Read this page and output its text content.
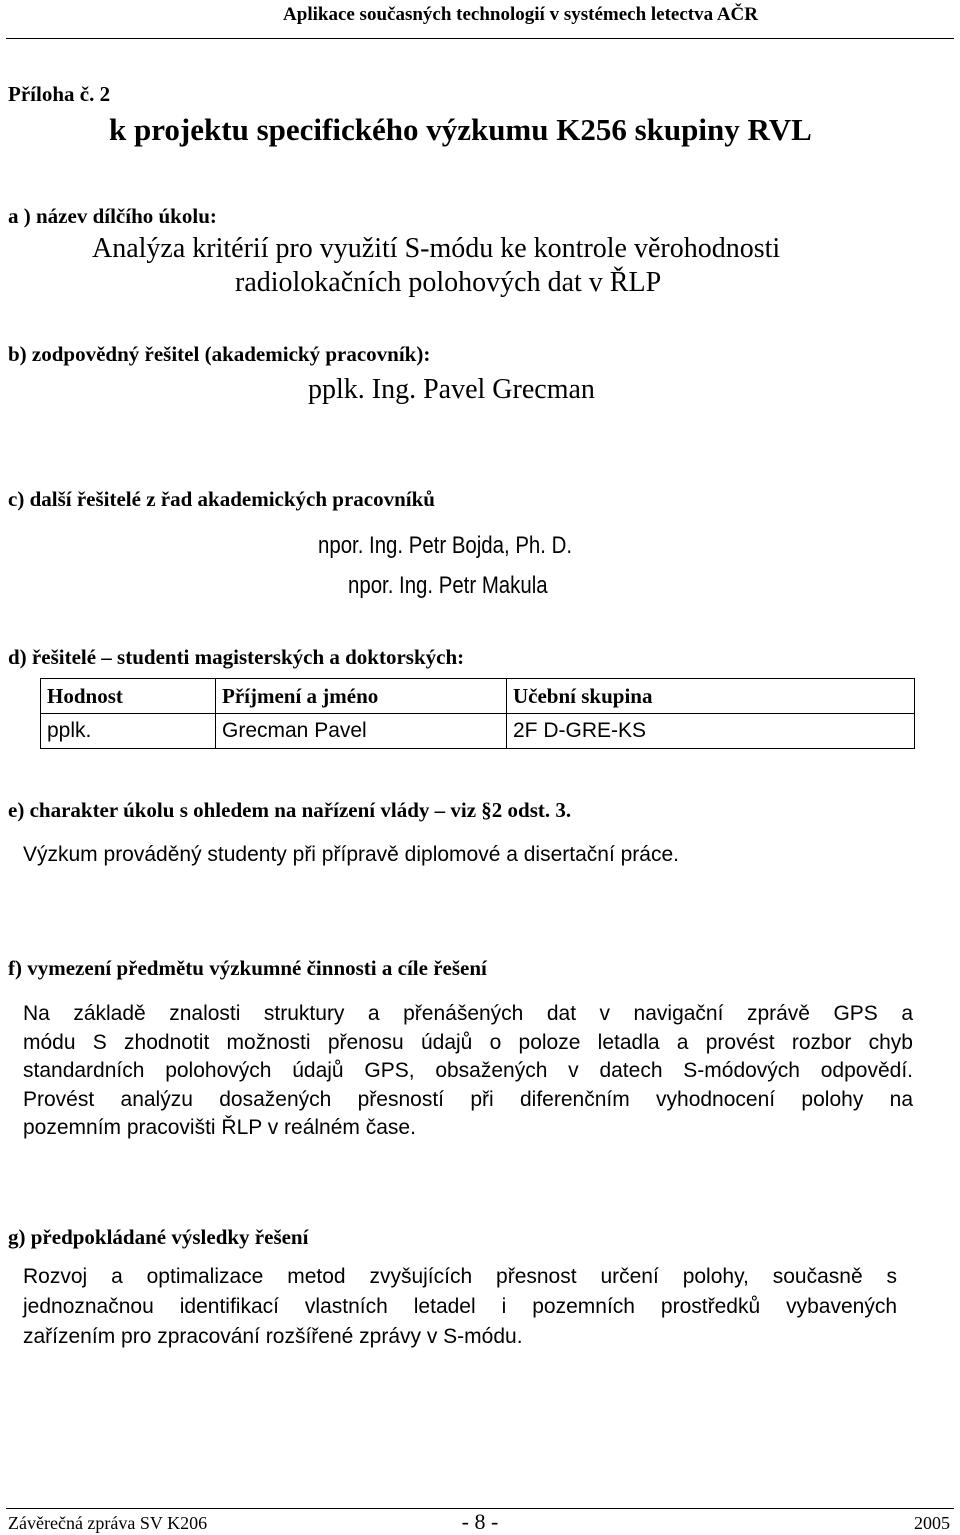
Aplikace současných technologií v systémech letectva AČR
Příloha č. 2
k projektu specifického výzkumu K256 skupiny RVL
a ) název dílčího úkolu:
Analýza kritérií pro využití S-módu ke kontrole věrohodnosti
radiolokačních polohových dat v ŘLP
b) zodpovědný řešitel (akademický pracovník):
pplk. Ing. Pavel Grecman
c) další řešitelé z řad akademických pracovníků
npor. Ing. Petr Bojda, Ph. D.
npor. Ing. Petr Makula
d) řešitelé – studenti magisterských a doktorských:
Hodnost	Příjmení a jméno	Učební skupina
pplk.	Grecman Pavel	2F D-GRE-KS
e) charakter úkolu s ohledem na nařízení vlády – viz §2 odst. 3.
Výzkum prováděný studenty při přípravě diplomové a disertační práce.
f) vymezení předmětu výzkumné činnosti a cíle řešení
Na základě znalosti struktury a přenášených dat v navigační zprávě GPS a
módu S zhodnotit možnosti přenosu údajů o poloze letadla a provést rozbor chyb
standardních polohových údajů GPS, obsažených v datech S-módových odpovědí.
Provést analýzu dosažených přesností při diferenčním vyhodnocení polohy na
pozemním pracovišti ŘLP v reálném čase.
g) předpokládané výsledky řešení
Rozvoj a optimalizace metod zvyšujících přesnost určení polohy, současně s
jednoznačnou identifikací vlastních letadel i pozemních prostředků vybavených
zařízením pro zpracování rozšířené zprávy v S-módu.
Závěrečná zpráva SV K206	- 8 -	2005
